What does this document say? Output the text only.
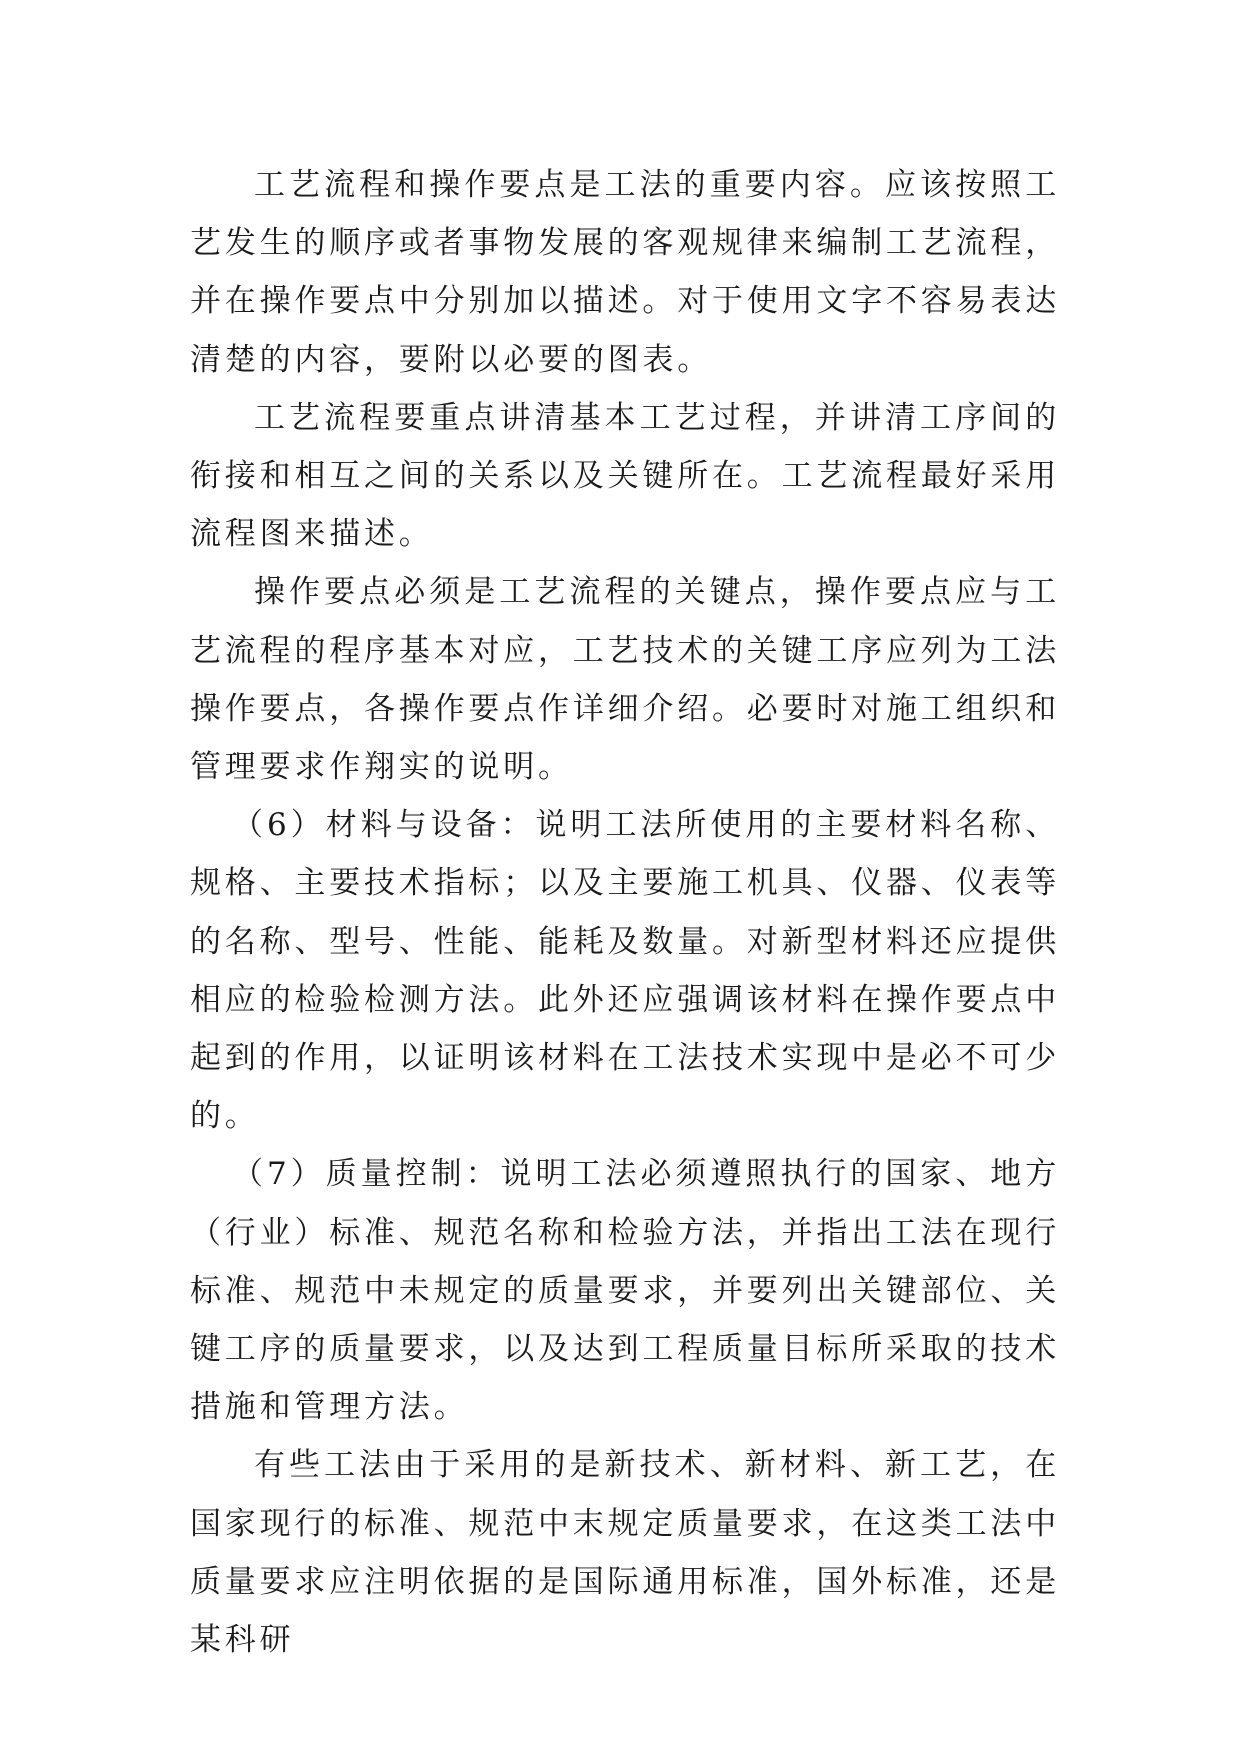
工艺流程和操作要点是工法的重要内容。应该按照工艺发生的顺序或者事物发展的客观规律来编制工艺流程，并在操作要点中分别加以描述。对于使用文字不容易表达清楚的内容，要附以必要的图表。

工艺流程要重点讲清基本工艺过程，并讲清工序间的衔接和相互之间的关系以及关键所在。工艺流程最好采用流程图来描述。

操作要点必须是工艺流程的关键点，操作要点应与工艺流程的程序基本对应，工艺技术的关键工序应列为工法操作要点，各操作要点作详细介绍。必要时对施工组织和管理要求作翔实的说明。

（6）材料与设备：说明工法所使用的主要材料名称、规格、主要技术指标；以及主要施工机具、仪器、仪表等的名称、型号、性能、能耗及数量。对新型材料还应提供相应的检验检测方法。此外还应强调该材料在操作要点中起到的作用，以证明该材料在工法技术实现中是必不可少的。

（7）质量控制：说明工法必须遵照执行的国家、地方（行业）标准、规范名称和检验方法，并指出工法在现行标准、规范中未规定的质量要求，并要列出关键部位、关键工序的质量要求，以及达到工程质量目标所采取的技术措施和管理方法。

有些工法由于采用的是新技术、新材料、新工艺，在国家现行的标准、规范中末规定质量要求，在这类工法中质量要求应注明依据的是国际通用标准，国外标准，还是某科研
